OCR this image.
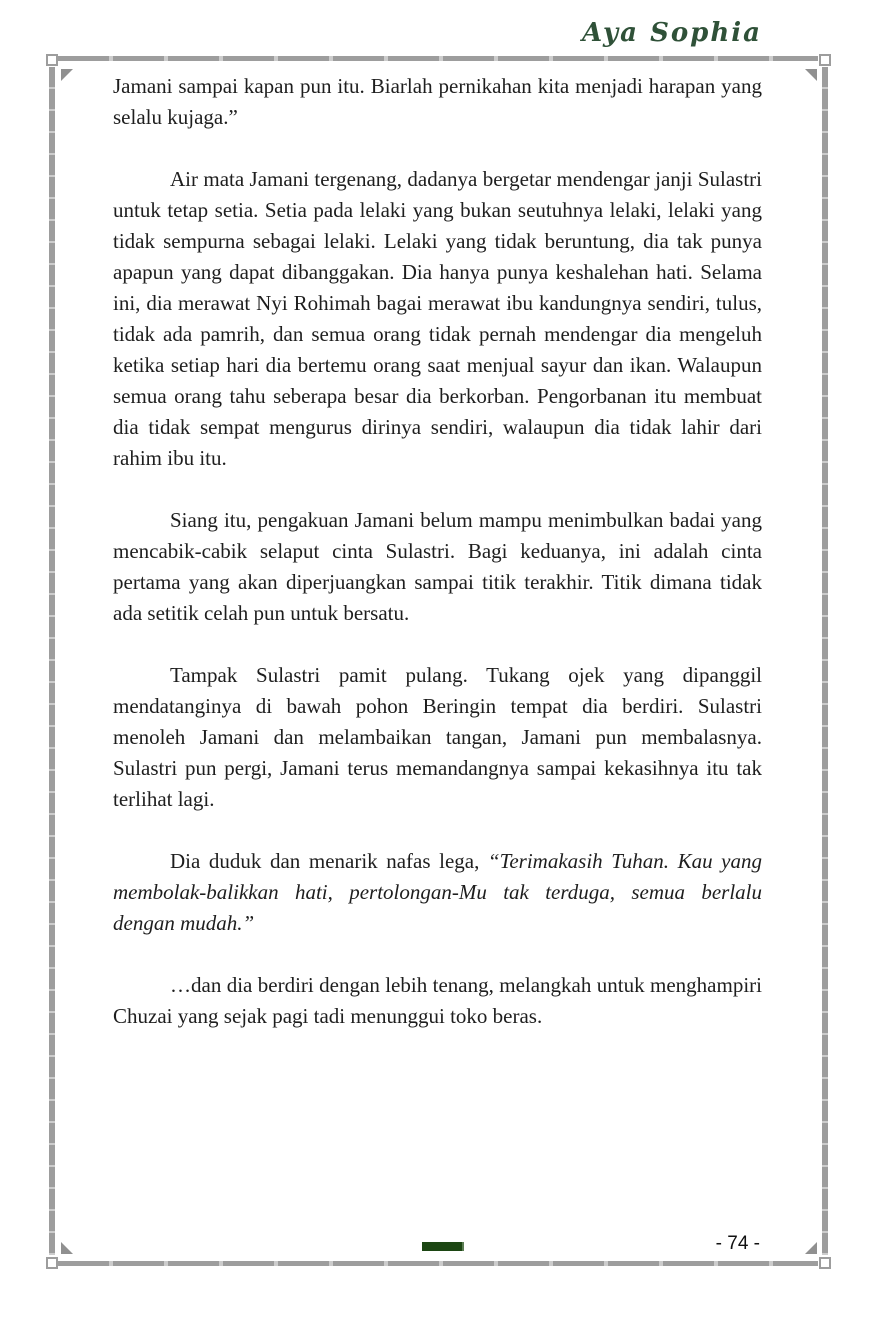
Aya Sophia

Jamani sampai kapan pun itu. Biarlah pernikahan kita menjadi harapan yang selalu kujaga.”

Air mata Jamani tergenang, dadanya bergetar mendengar janji Sulastri untuk tetap setia. Setia pada lelaki yang bukan seutuhnya lelaki, lelaki yang tidak sempurna sebagai lelaki. Lelaki yang tidak beruntung, dia tak punya apapun yang dapat dibanggakan. Dia hanya punya keshalehan hati. Selama ini, dia merawat Nyi Rohimah bagai merawat ibu kandungnya sendiri, tulus, tidak ada pamrih, dan semua orang tidak pernah mendengar dia mengeluh ketika setiap hari dia bertemu orang saat menjual sayur dan ikan. Walaupun semua orang tahu seberapa besar dia berkorban. Pengorbanan itu membuat dia tidak sempat mengurus dirinya sendiri, walaupun dia tidak lahir dari rahim ibu itu.

Siang itu, pengakuan Jamani belum mampu menimbulkan badai yang mencabik-cabik selaput cinta Sulastri. Bagi keduanya, ini adalah cinta pertama yang akan diperjuangkan sampai titik terakhir. Titik dimana tidak ada setitik celah pun untuk bersatu.

Tampak Sulastri pamit pulang. Tukang ojek yang dipanggil mendatanginya di bawah pohon Beringin tempat dia berdiri. Sulastri menoleh Jamani dan melambaikan tangan, Jamani pun membalasnya. Sulastri pun pergi, Jamani terus memandangnya sampai kekasihnya itu tak terlihat lagi.

Dia duduk dan menarik nafas lega, “Terimakasih Tuhan. Kau yang membolak-balikkan hati, pertolongan-Mu tak terduga, semua berlalu dengan mudah.”

…dan dia berdiri dengan lebih tenang, melangkah untuk menghampiri Chuzai yang sejak pagi tadi menunggui toko beras.

- 74 -
